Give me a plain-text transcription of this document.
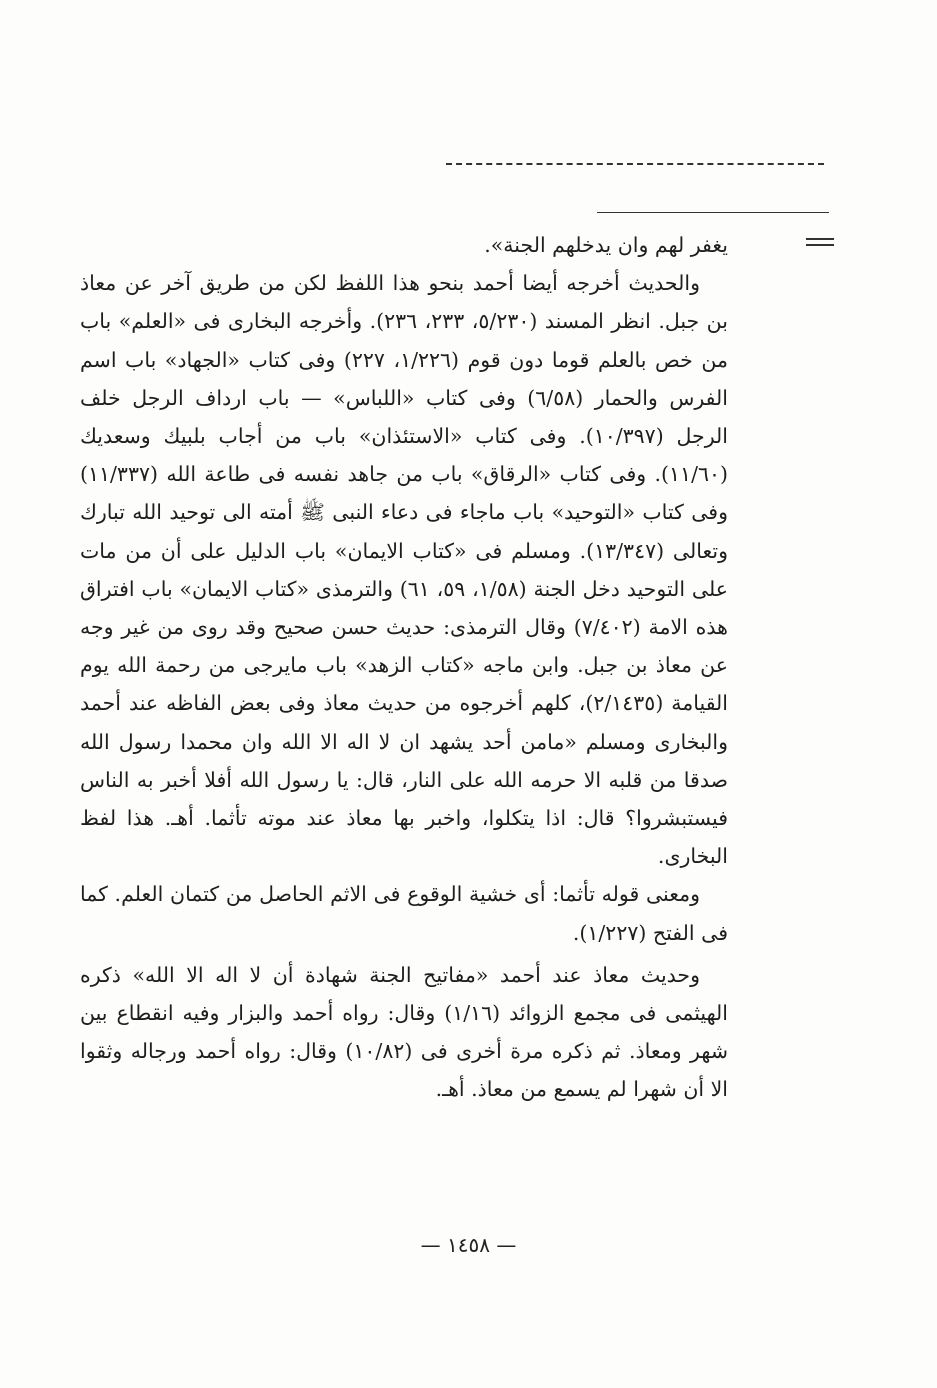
يغفر لهم وان يدخلهم الجنة».

والحديث أخرجه أيضا أحمد بنحو هذا اللفظ لكن من طريق آخر عن معاذ بن جبل. انظر المسند (٥/٢٣٠، ٢٣٣، ٢٣٦). وأخرجه البخارى فى «العلم» باب من خص بالعلم قوما دون قوم (١/٢٢٦، ٢٢٧) وفى كتاب «الجهاد» باب اسم الفرس والحمار (٦/٥٨) وفى كتاب «اللباس» — باب ارداف الرجل خلف الرجل (١٠/٣٩٧). وفى كتاب «الاستئذان» باب من أجاب بلبيك وسعديك (١١/٦٠). وفى كتاب «الرقاق» باب من جاهد نفسه فى طاعة الله (١١/٣٣٧) وفى كتاب «التوحيد» باب ماجاء فى دعاء النبى ﷺ أمته الى توحيد الله تبارك وتعالى (١٣/٣٤٧). ومسلم فى «كتاب الايمان» باب الدليل على أن من مات على التوحيد دخل الجنة (١/٥٨، ٥٩، ٦١) والترمذى «كتاب الايمان» باب افتراق هذه الامة (٧/٤٠٢) وقال الترمذى: حديث حسن صحيح وقد روى من غير وجه عن معاذ بن جبل. وابن ماجه «كتاب الزهد» باب مايرجى من رحمة الله يوم القيامة (٢/١٤٣٥)، كلهم أخرجوه من حديث معاذ وفى بعض الفاظه عند أحمد والبخارى ومسلم «مامن أحد يشهد ان لا اله الا الله وان محمدا رسول الله صدقا من قلبه الا حرمه الله على النار، قال: يا رسول الله أفلا أخبر به الناس فيستبشروا؟ قال: اذا يتكلوا، واخبر بها معاذ عند موته تأثما. أهـ. هذا لفظ البخارى.

ومعنى قوله تأثما: أى خشية الوقوع فى الاثم الحاصل من كتمان العلم. كما فى الفتح (١/٢٢٧).

وحديث معاذ عند أحمد «مفاتيح الجنة شهادة أن لا اله الا الله» ذكره الهيثمى فى مجمع الزوائد (١/١٦) وقال: رواه أحمد والبزار وفيه انقطاع بين شهر ومعاذ. ثم ذكره مرة أخرى فى (١٠/٨٢) وقال: رواه أحمد ورجاله وثقوا الا أن شهرا لم يسمع من معاذ. أهـ.

— ١٤٥٨ —
